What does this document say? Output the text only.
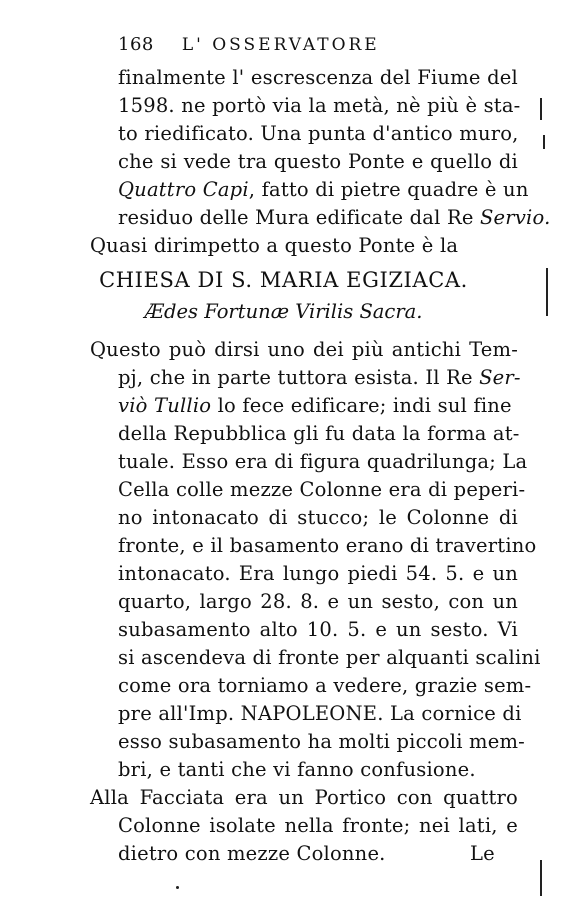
168 L' OSSERVATORE
finalmente l' escrescenza del Fiume del
1598. ne portò via la metà, nè più è sta-
to riedificato. Una punta d'antico muro,
che si vede tra questo Ponte e quello di
Quattro Capi, fatto di pietre quadre è un
residuo delle Mura edificate dal Re Servio.
Quasi dirimpetto a questo Ponte è la
CHIESA DI S. MARIA EGIZIACA.
Ædes Fortunæ Virilis Sacra.
Questo può dirsi uno dei più antichi Tem-
pj, che in parte tuttora esista. Il Re Ser-
viò Tullio lo fece edificare; indi sul fine
della Repubblica gli fu data la forma at-
tuale. Esso era di figura quadrilunga; La
Cella colle mezze Colonne era di peperi-
no intonacato di stucco; le Colonne di
fronte, e il basamento erano di travertino
intonacato. Era lungo piedi 54. 5. e un
quarto, largo 28. 8. e un sesto, con un
subasamento alto 10. 5. e un sesto. Vi
si ascendeva di fronte per alquanti scalini
come ora torniamo a vedere, grazie sem-
pre all'Imp. NAPOLEONE. La cornice di
esso subasamento ha molti piccoli mem-
bri, e tanti che vi fanno confusione.
Alla Facciata era un Portico con quattro
Colonne isolate nella fronte; nei lati, e
dietro con mezze Colonne.	Le
